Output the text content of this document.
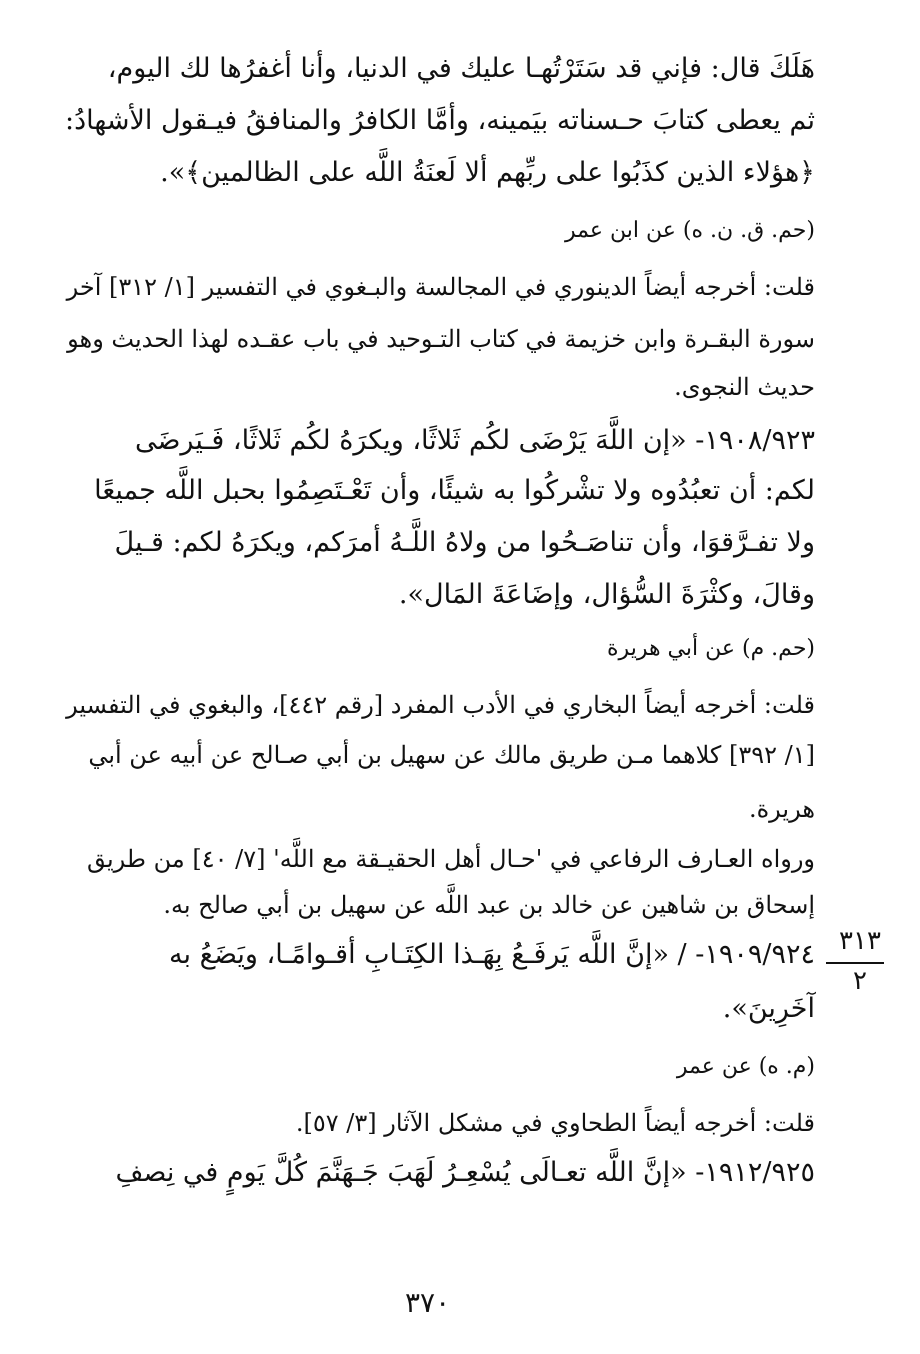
هَلَكَ قال: فإني قد سَتَرْتُهـا عليك في الدنيا، وأنا أغفرُها لك اليوم،
ثم يعطى كتابَ حـسناته بيَمينه، وأمَّا الكافرُ والمنافقُ فيـقول الأشهادُ:
﴿هؤلاء الذين كذَبُوا على ربِّهم ألا لَعنَةُ اللَّه على الظالمين﴾».
(حم. ق. ن. ه) عن ابن عمر
قلت: أخرجه أيضاً الدينوري في المجالسة والبـغوي في التفسير [١/ ٣١٢] آخر
سورة البقـرة وابن خزيمة في كتاب التـوحيد في باب عقـده لهذا الحديث وهو
حديث النجوى.
١٩٠٨/٩٢٣- «إن اللَّهَ يَرْضَى لكُم ثَلاثًا، ويكرَهُ لكُم ثَلاثًا، فَـيَرضَى
لكم: أن تعبُدُوه ولا تشْركُوا به شيئًا، وأن تَعْـتَصِمُوا بحبل اللَّه جميعًا
ولا تفـرَّقوَا، وأن تناصَـحُوا من ولاهُ اللَّـهُ أمرَكم، ويكرَهُ لكم: قـيلَ
وقالَ، وكثْرَةَ السُّؤال، وإضَاعَةَ المَال».
(حم. م) عن أبي هريرة
قلت: أخرجه أيضاً البخاري في الأدب المفرد [رقم ٤٤٢]، والبغوي في التفسير
[١/ ٣٩٢] كلاهما مـن طريق مالك عن سهيل بن أبي صـالح عن أبيه عن أبي
هريرة.
ورواه العـارف الرفاعي في 'حـال أهل الحقيـقة مع اللَّه' [٧/ ٤٠] من طريق
إسحاق بن شاهين عن خالد بن عبد اللَّه عن سهيل بن أبي صالح به.
١٩٠٩/٩٢٤- / «إنَّ اللَّه يَرفَـعُ بِهَـذا الكِتَـابِ أقـوامًـا، ويَضَعُ به
آخَرِينَ».
(م. ه) عن عمر
قلت: أخرجه أيضاً الطحاوي في مشكل الآثار [٣/ ٥٧].
١٩١٢/٩٢٥- «إنَّ اللَّه تعـالَى يُسْعِـرُ لَهَبَ جَـهَنَّمَ كُلَّ يَومٍ في نِصفِ
٣١٣
٢
٣٧٠
